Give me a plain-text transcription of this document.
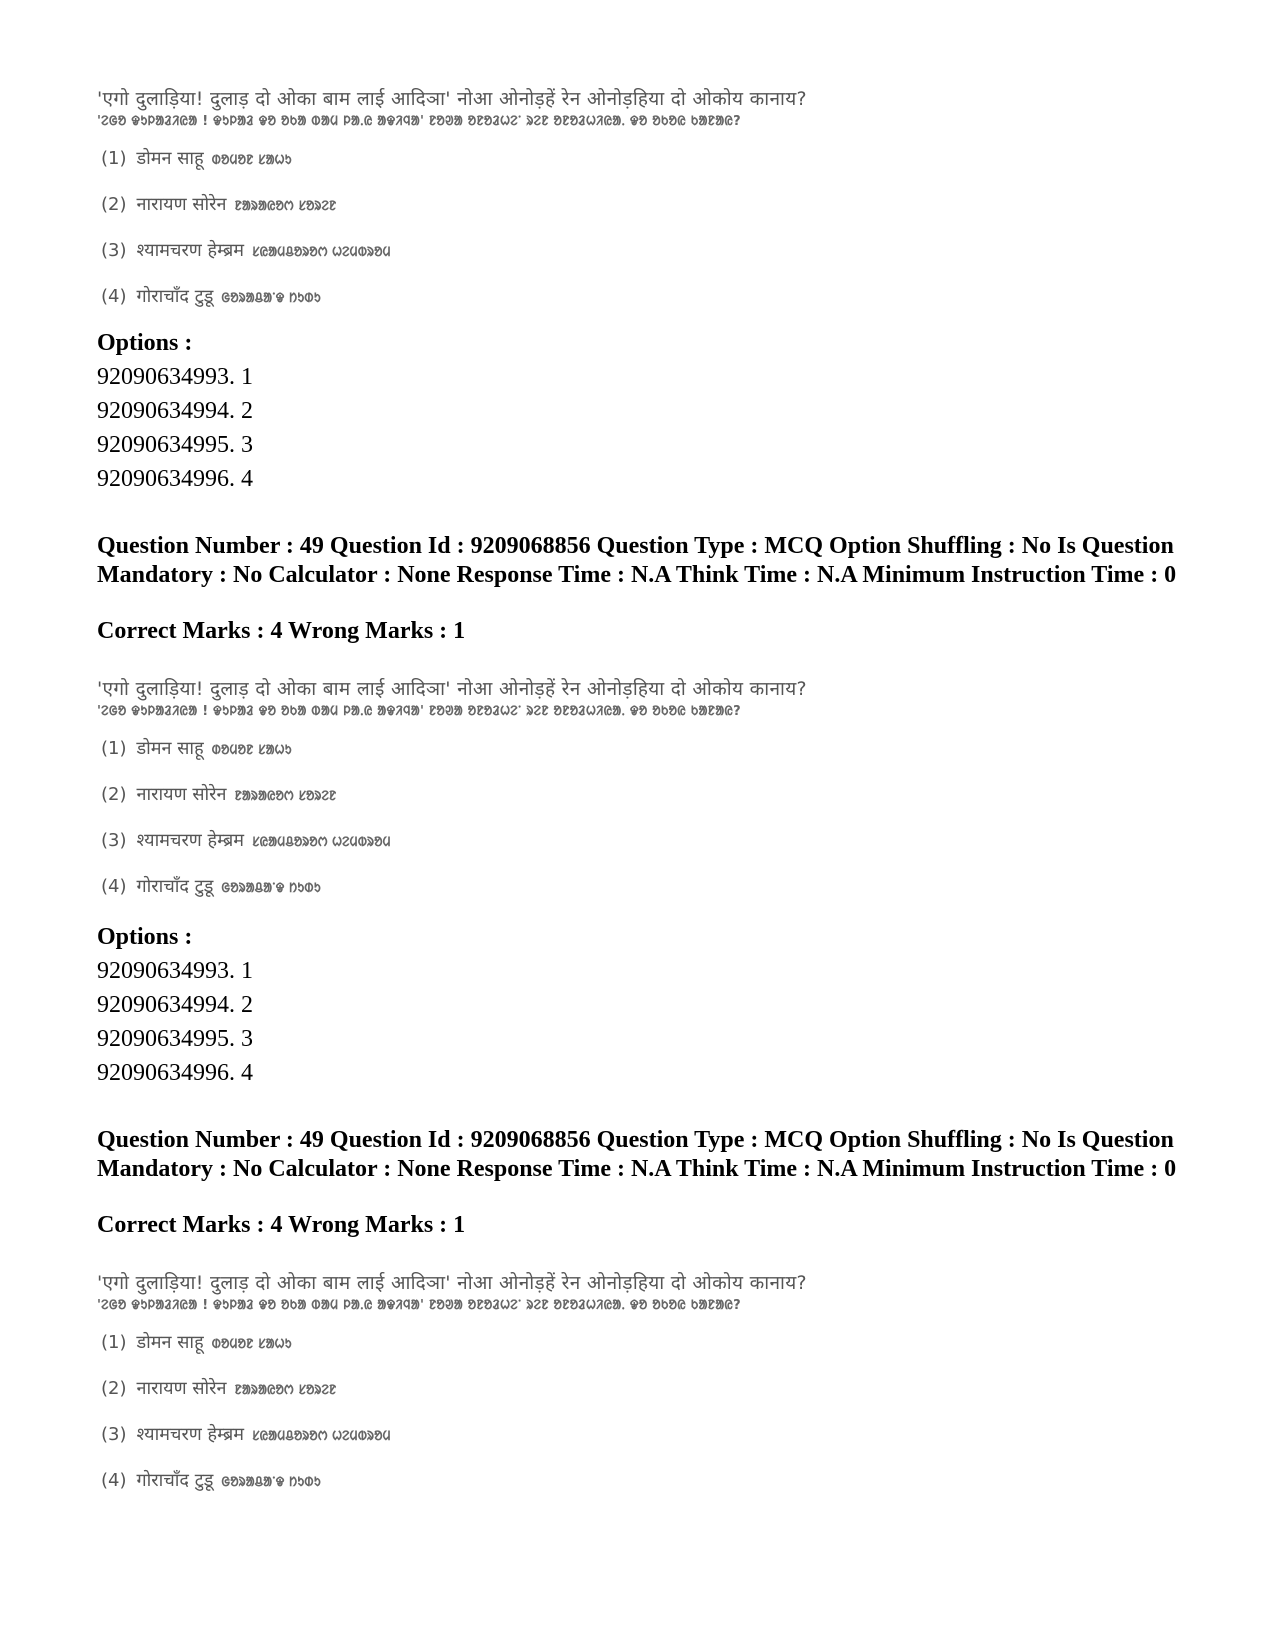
'एगो दुलाड़िया! दुलाड़ दो ओका बाम लाई आदिञा' नोआ ओनोड़हें रेन ओनोड़हिया दो ओकोय कानाय?
'ᱮᱜᱚ ᱫᱩᱞᱟᱲᱤᱭᱟ ! ᱫᱩᱞᱟᱲ ᱫᱚ ᱚᱠᱟ ᱵᱟᱢ ᱞᱟᱹᱭ ᱟᱫᱤᱧᱟ' ᱱᱚᱣᱟ ᱚᱱᱚᱲᱦᱮᱸ ᱨᱮᱱ ᱚᱱᱚᱲᱦᱤᱭᱟᱹ ᱫᱚ ᱚᱠᱚᱭ ᱠᱟᱱᱟᱭ?
(1) डोमन साहू ᱰᱚᱢᱚᱱ ᱥᱟᱦᱩ
(2) नारायण सोरेन ᱱᱟᱨᱟᱭᱚᱬ ᱥᱚᱨᱮᱱ
(3) श्यामचरण हेम्ब्रम ᱥᱭᱟᱢᱪᱚᱨᱚᱬ ᱦᱮᱢᱵᱨᱚᱢ
(4) गोराचाँद टुडू ᱜᱚᱨᱟᱪᱟᱸᱫ ᱴᱩᱰᱩ
Options :
92090634993. 1
92090634994. 2
92090634995. 3
92090634996. 4
Question Number : 49 Question Id : 9209068856 Question Type : MCQ Option Shuffling : No Is Question Mandatory : No Calculator : None Response Time : N.A Think Time : N.A Minimum Instruction Time : 0
Correct Marks : 4 Wrong Marks : 1
'एगो दुलाड़िया! दुलाड़ दो ओका बाम लाई आदिञा' नोआ ओनोड़हें रेन ओनोड़हिया दो ओकोय कानाय?
'ᱮᱜᱚ ᱫᱩᱞᱟᱲᱤᱭᱟ ! ᱫᱩᱞᱟᱲ ᱫᱚ ᱚᱠᱟ ᱵᱟᱢ ᱞᱟᱹᱭ ᱟᱫᱤᱧᱟ' ᱱᱚᱣᱟ ᱚᱱᱚᱲᱦᱮᱸ ᱨᱮᱱ ᱚᱱᱚᱲᱦᱤᱭᱟᱹ ᱫᱚ ᱚᱠᱚᱭ ᱠᱟᱱᱟᱭ?
(1) डोमन साहू ᱰᱚᱢᱚᱱ ᱥᱟᱦᱩ
(2) नारायण सोरेन ᱱᱟᱨᱟᱭᱚᱬ ᱥᱚᱨᱮᱱ
(3) श्यामचरण हेम्ब्रम ᱥᱭᱟᱢᱪᱚᱨᱚᱬ ᱦᱮᱢᱵᱨᱚᱢ
(4) गोराचाँद टुडू ᱜᱚᱨᱟᱪᱟᱸᱫ ᱴᱩᱰᱩ
Options :
92090634993. 1
92090634994. 2
92090634995. 3
92090634996. 4
Question Number : 49 Question Id : 9209068856 Question Type : MCQ Option Shuffling : No Is Question Mandatory : No Calculator : None Response Time : N.A Think Time : N.A Minimum Instruction Time : 0
Correct Marks : 4 Wrong Marks : 1
'एगो दुलाड़िया! दुलाड़ दो ओका बाम लाई आदिञा' नोआ ओनोड़हें रेन ओनोड़हिया दो ओकोय कानाय?
'ᱮᱜᱚ ᱫᱩᱞᱟᱲᱤᱭᱟ ! ᱫᱩᱞᱟᱲ ᱫᱚ ᱚᱠᱟ ᱵᱟᱢ ᱞᱟᱹᱭ ᱟᱫᱤᱧᱟ' ᱱᱚᱣᱟ ᱚᱱᱚᱲᱦᱮᱸ ᱨᱮᱱ ᱚᱱᱚᱲᱦᱤᱭᱟᱹ ᱫᱚ ᱚᱠᱚᱭ ᱠᱟᱱᱟᱭ?
(1) डोमन साहू ᱰᱚᱢᱚᱱ ᱥᱟᱦᱩ
(2) नारायण सोरेन ᱱᱟᱨᱟᱭᱚᱬ ᱥᱚᱨᱮᱱ
(3) श्यामचरण हेम्ब्रम ᱥᱭᱟᱢᱪᱚᱨᱚᱬ ᱦᱮᱢᱵᱨᱚᱢ
(4) गोराचाँद टुडू ᱜᱚᱨᱟᱪᱟᱸᱫ ᱴᱩᱰᱩ
